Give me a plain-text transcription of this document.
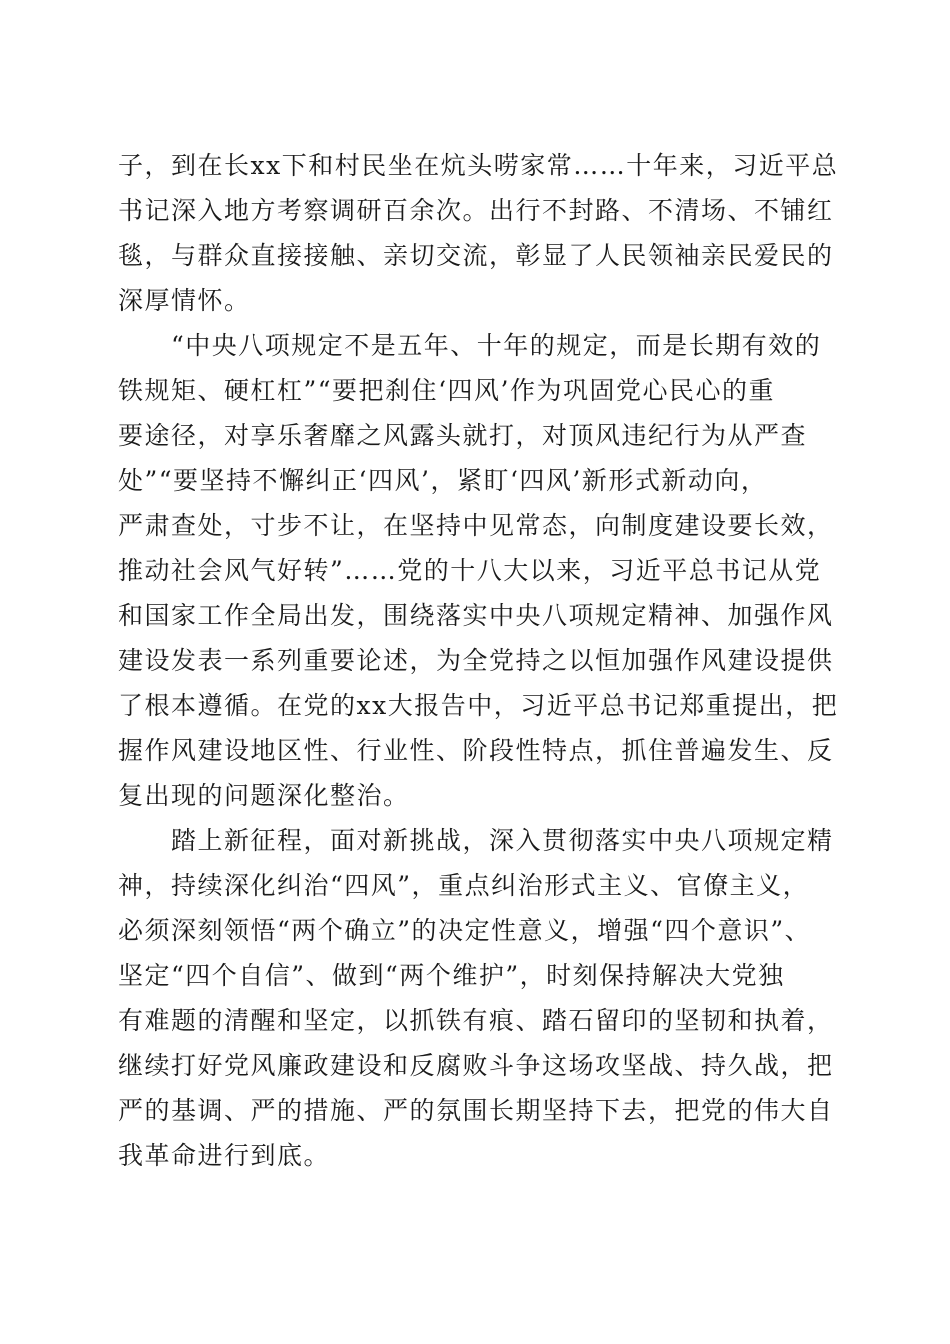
子，到在长xx下和村民坐在炕头唠家常……十年来，习近平总
书记深入地方考察调研百余次。出行不封路、不清场、不铺红
毯，与群众直接接触、亲切交流，彰显了人民领袖亲民爱民的
深厚情怀。
　　“中央八项规定不是五年、十年的规定，而是长期有效的
铁规矩、硬杠杠”“要把刹住‘四风’作为巩固党心民心的重
要途径，对享乐奢靡之风露头就打，对顶风违纪行为从严查
处”“要坚持不懈纠正‘四风’，紧盯‘四风’新形式新动向，
严肃查处，寸步不让，在坚持中见常态，向制度建设要长效，
推动社会风气好转”……党的十八大以来，习近平总书记从党
和国家工作全局出发，围绕落实中央八项规定精神、加强作风
建设发表一系列重要论述，为全党持之以恒加强作风建设提供
了根本遵循。在党的xx大报告中，习近平总书记郑重提出，把
握作风建设地区性、行业性、阶段性特点，抓住普遍发生、反
复出现的问题深化整治。
　　踏上新征程，面对新挑战，深入贯彻落实中央八项规定精
神，持续深化纠治“四风”，重点纠治形式主义、官僚主义，
必须深刻领悟“两个确立”的决定性意义，增强“四个意识”、
坚定“四个自信”、做到“两个维护”，时刻保持解决大党独
有难题的清醒和坚定，以抓铁有痕、踏石留印的坚韧和执着，
继续打好党风廉政建设和反腐败斗争这场攻坚战、持久战，把
严的基调、严的措施、严的氛围长期坚持下去，把党的伟大自
我革命进行到底。
